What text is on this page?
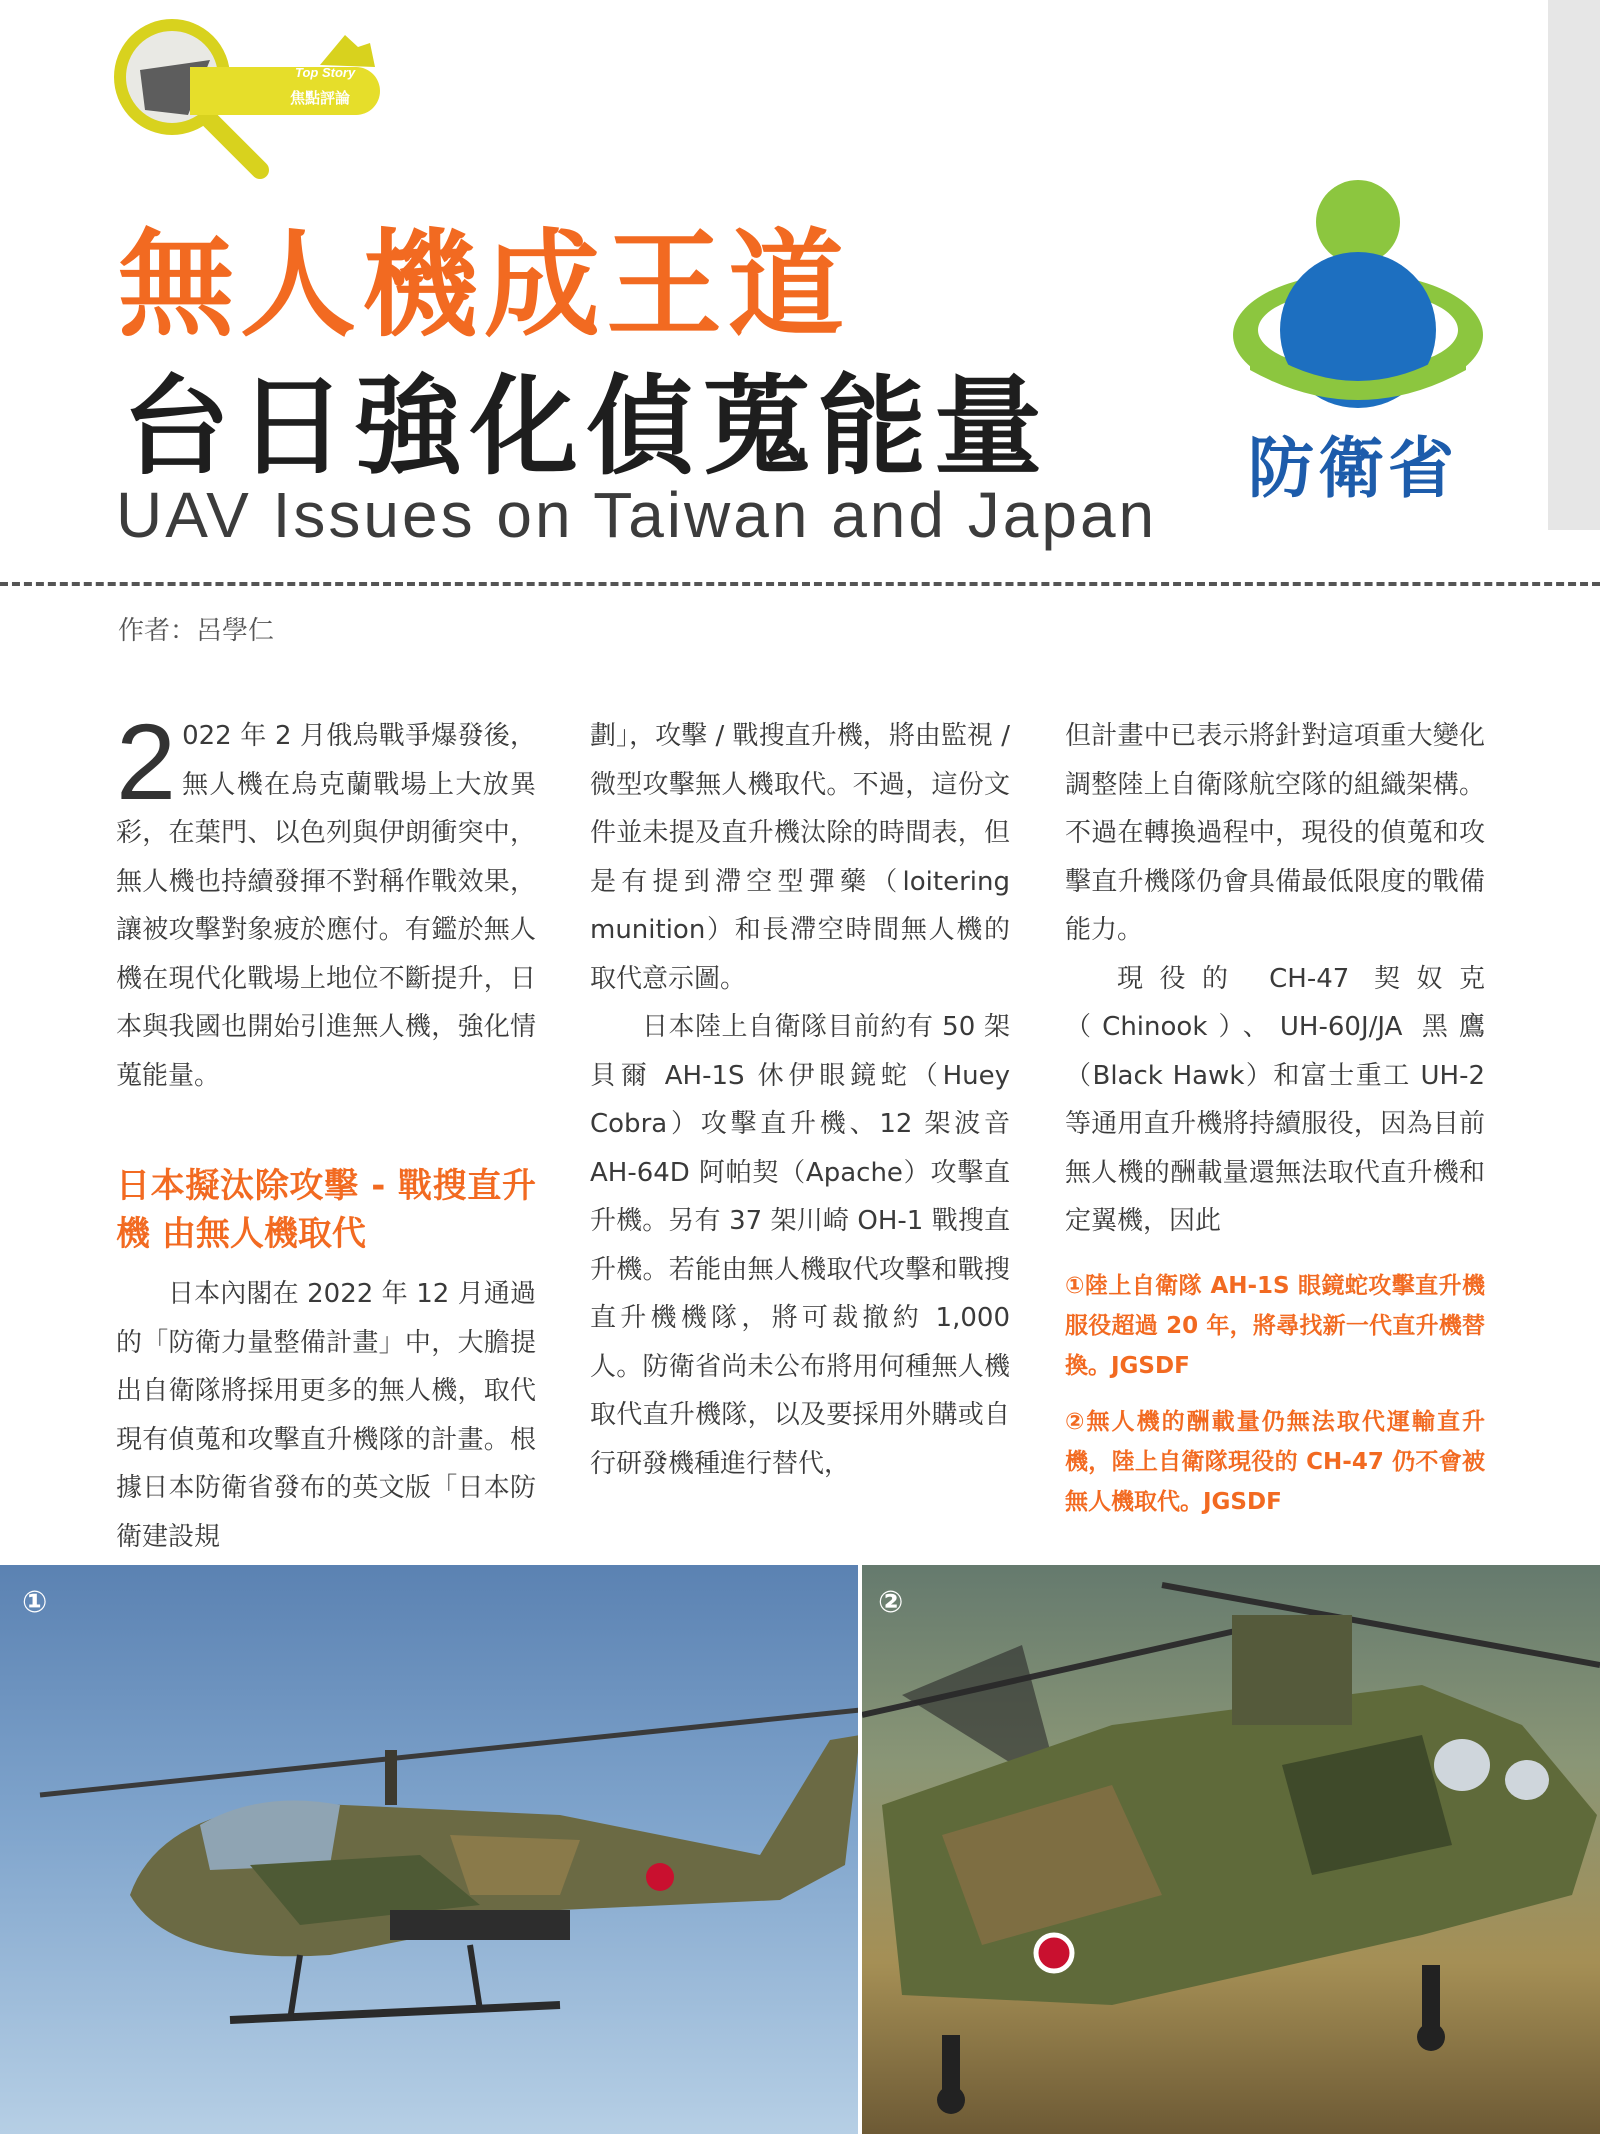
Top Story
焦點評論
無人機成王道
台日強化偵蒐能量
UAV Issues on Taiwan and Japan
防衛省
作者：呂學仁

2 022 年 2 月俄烏戰爭爆發後，無人機在烏克蘭戰場上大放異彩，在葉門、以色列與伊朗衝突中，無人機也持續發揮不對稱作戰效果，讓被攻擊對象疲於應付。有鑑於無人機在現代化戰場上地位不斷提升，日本與我國也開始引進無人機，強化情蒐能量。

日本擬汰除攻擊 - 戰搜直升機 由無人機取代

日本內閣在 2022 年 12 月通過的「防衛力量整備計畫」中，大膽提出自衛隊將採用更多的無人機，取代現有偵蒐和攻擊直升機隊的計畫。根據日本防衛省發布的英文版「日本防衛建設規

劃」，攻擊 / 戰搜直升機，將由監視 / 微型攻擊無人機取代。不過，這份文件並未提及直升機汰除的時間表，但是有提到滯空型彈藥（loitering munition）和長滯空時間無人機的取代意示圖。

日本陸上自衛隊目前約有 50 架貝爾 AH-1S 休伊眼鏡蛇（Huey Cobra）攻擊直升機、12 架波音 AH-64D 阿帕契（Apache）攻擊直升機。另有 37 架川崎 OH-1 戰搜直升機。若能由無人機取代攻擊和戰搜直升機機隊，將可裁撤約 1,000 人。防衛省尚未公布將用何種無人機取代直升機隊，以及要採用外購或自行研發機種進行替代，

但計畫中已表示將針對這項重大變化調整陸上自衛隊航空隊的組織架構。 不過在轉換過程中，現役的偵蒐和攻擊直升機隊仍會具備最低限度的戰備能力。

現役的 CH-47 契奴克（Chinook）、UH-60J/JA 黑鷹（Black Hawk）和富士重工 UH-2 等通用直升機將持續服役，因為目前無人機的酬載量還無法取代直升機和定翼機，因此

①陸上自衛隊 AH-1S 眼鏡蛇攻擊直升機服役超過 20 年，將尋找新一代直升機替換。JGSDF
②無人機的酬載量仍無法取代運輸直升機，陸上自衛隊現役的 CH-47 仍不會被無人機取代。JGSDF
①	②
